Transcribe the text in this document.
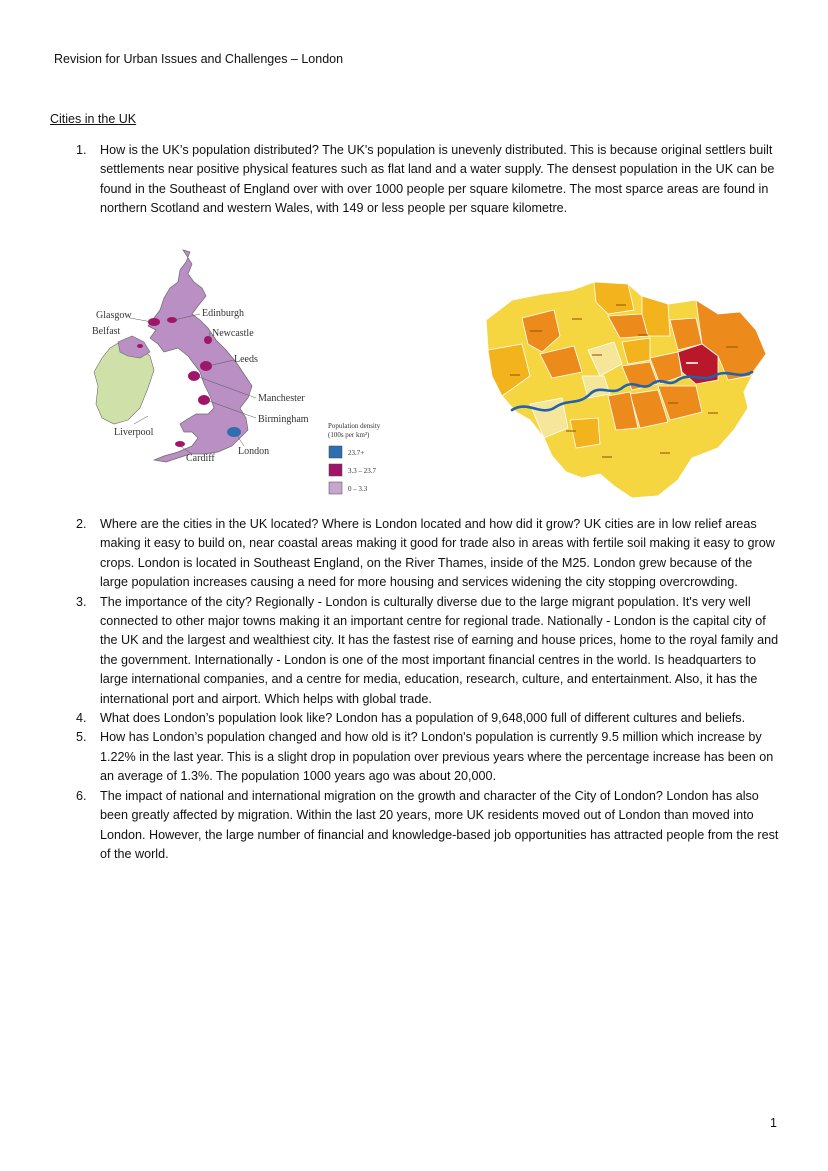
Revision for Urban Issues and Challenges – London
Cities in the UK
1. How is the UK’s population distributed? The UK's population is unevenly distributed. This is because original settlers built settlements near positive physical features such as flat land and a water supply. The densest population in the UK can be found in the Southeast of England over with over 1000 people per square kilometre. The most sparce areas are found in northern Scotland and western Wales, with 149 or less people per square kilometre.
Glasgow	Edinburgh
Belfast	Newcastle
Leeds
Manchester
Birmingham
Liverpool
Cardiff
London
Population density
(100s per km²)
23.7+
3.3 – 23.7
0 – 3.3
2. Where are the cities in the UK located? Where is London located and how did it grow? UK cities are in low relief areas making it easy to build on, near coastal areas making it good for trade also in areas with fertile soil making it easy to grow crops. London is located in Southeast England, on the River Thames, inside of the M25. London grew because of the large population increases causing a need for more housing and services widening the city stopping overcrowding.
3. The importance of the city? Regionally - London is culturally diverse due to the large migrant population. It's very well connected to other major towns making it an important centre for regional trade. Nationally - London is the capital city of the UK and the largest and wealthiest city. It has the fastest rise of earning and house prices, home to the royal family and the government. Internationally - London is one of the most important financial centres in the world. Is headquarters to large international companies, and a centre for media, education, research, culture, and entertainment. Also, it has the international port and airport. Which helps with global trade.
4. What does London’s population look like? London has a population of 9,648,000 full of different cultures and beliefs.
5. How has London’s population changed and how old is it? London's population is currently 9.5 million which increase by 1.22% in the last year. This is a slight drop in population over previous years where the percentage increase has been on an average of 1.3%. The population 1000 years ago was about 20,000.
6. The impact of national and international migration on the growth and character of the City of London? London has also been greatly affected by migration. Within the last 20 years, more UK residents moved out of London than moved into London. However, the large number of financial and knowledge-based job opportunities has attracted people from the rest of the world.
1
